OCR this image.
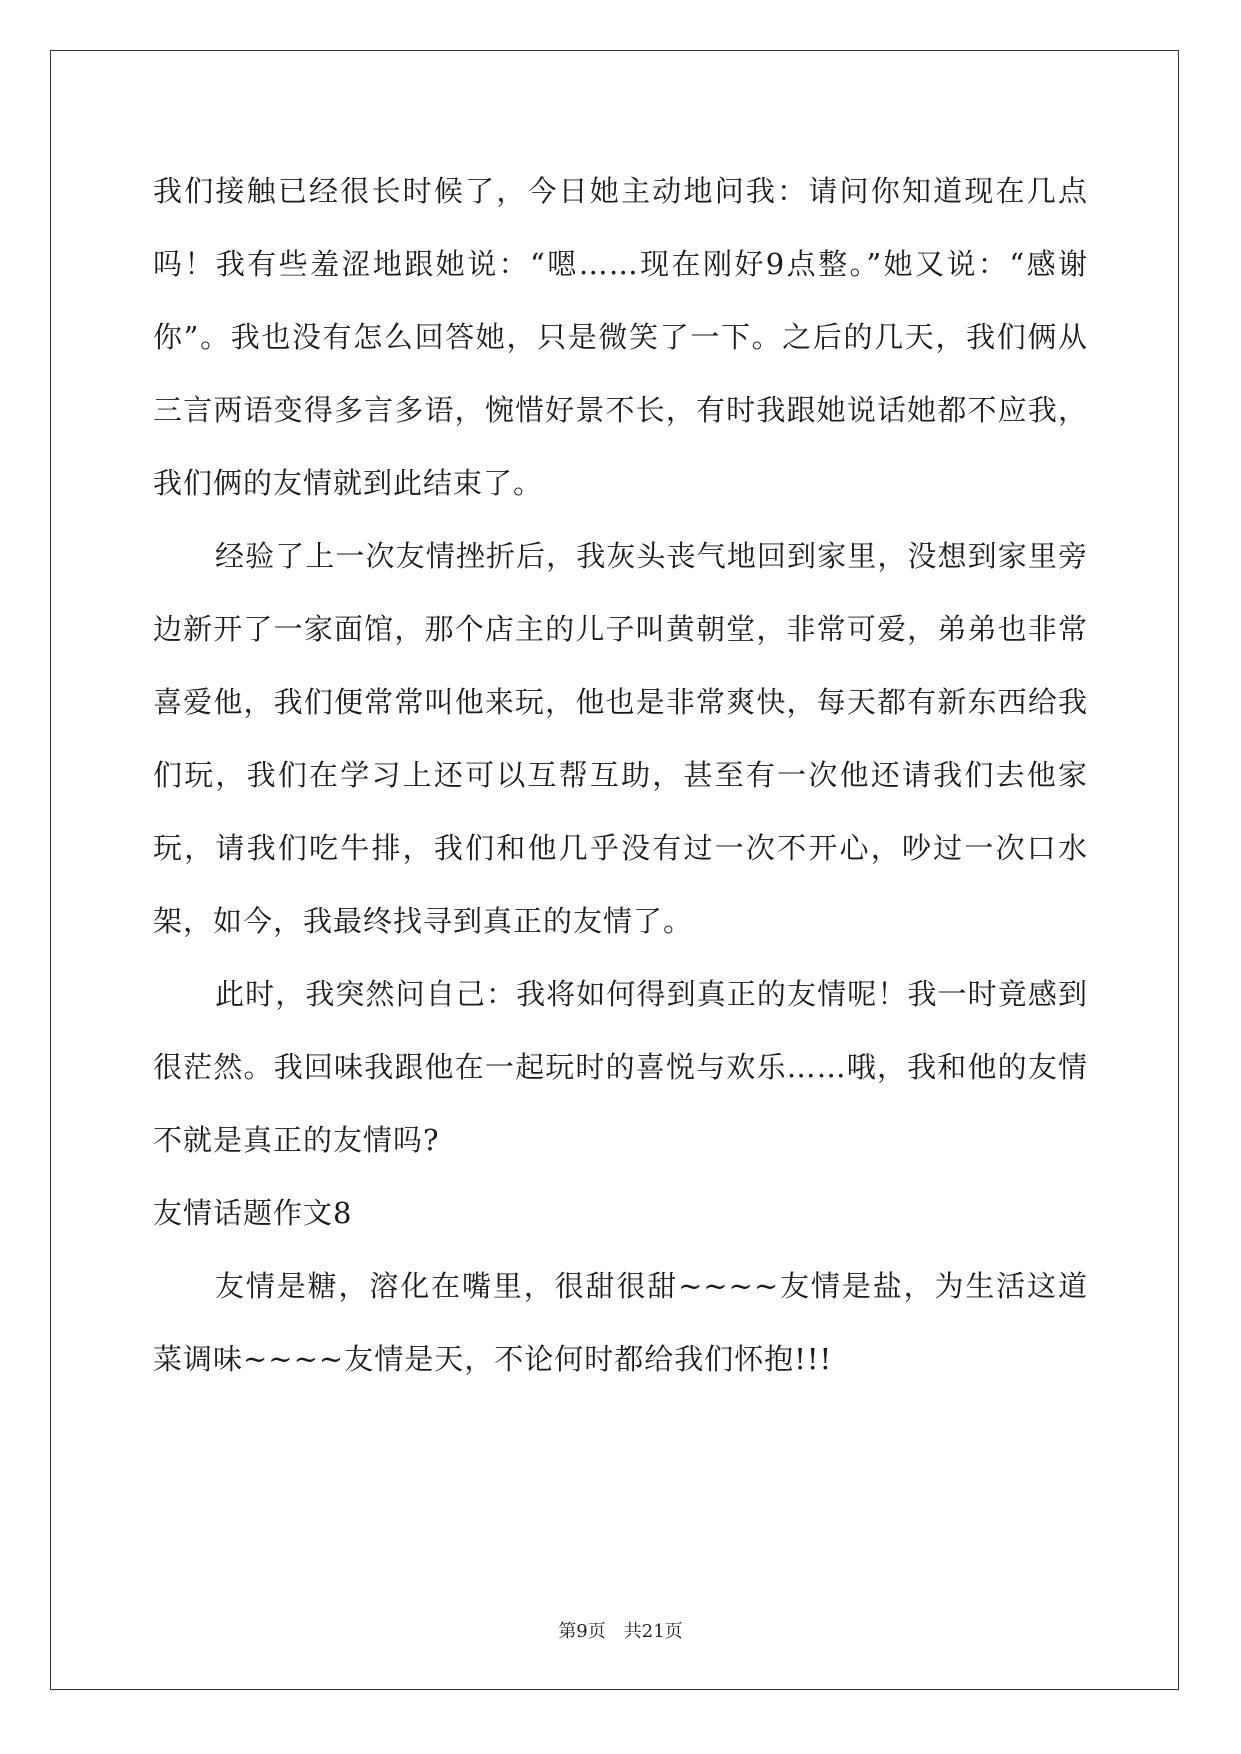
我们接触已经很长时候了，今日她主动地问我：请问你知道现在几点吗！我有些羞涩地跟她说：“嗯……现在刚好9点整。”她又说：“感谢你”。我也没有怎么回答她，只是微笑了一下。之后的几天，我们俩从三言两语变得多言多语，惋惜好景不长，有时我跟她说话她都不应我，我们俩的友情就到此结束了。

经验了上一次友情挫折后，我灰头丧气地回到家里，没想到家里旁边新开了一家面馆，那个店主的儿子叫黄朝堂，非常可爱，弟弟也非常喜爱他，我们便常常叫他来玩，他也是非常爽快，每天都有新东西给我们玩，我们在学习上还可以互帮互助，甚至有一次他还请我们去他家玩，请我们吃牛排，我们和他几乎没有过一次不开心，吵过一次口水架，如今，我最终找寻到真正的友情了。

此时，我突然问自己：我将如何得到真正的友情呢！我一时竟感到很茫然。我回味我跟他在一起玩时的喜悦与欢乐……哦，我和他的友情不就是真正的友情吗?

友情话题作文8

友情是糖，溶化在嘴里，很甜很甜~~~~友情是盐，为生活这道菜调味~~~~友情是天，不论何时都给我们怀抱!!!

第9页　共21页
